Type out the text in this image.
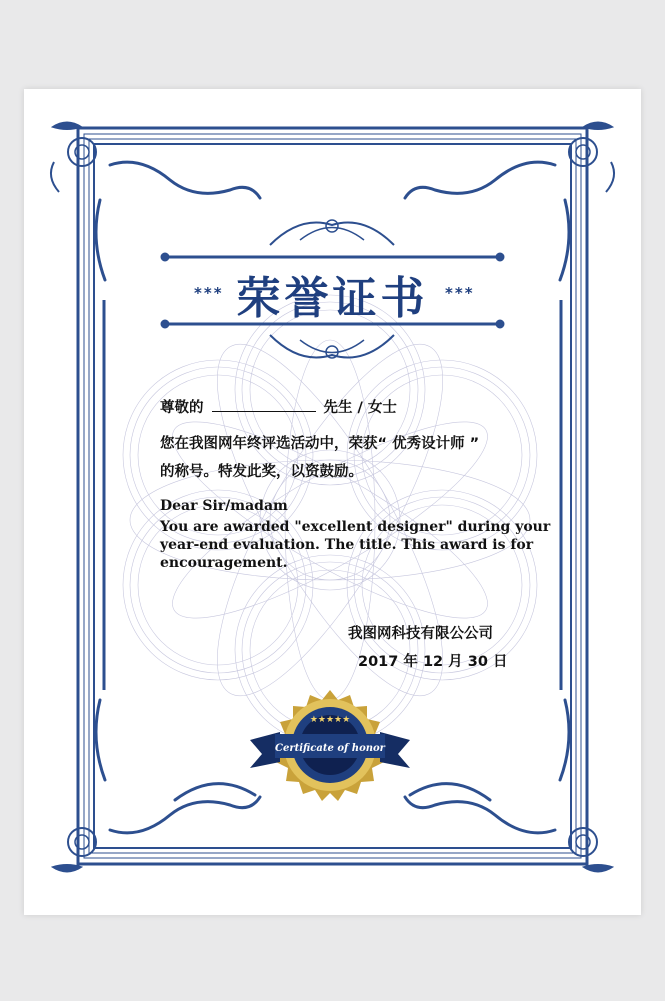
Certificate of honor
★★★★★
*** 荣誉证书	***
尊敬的	先生 / 女士
您在我图网年终评选活动中，荣获“ 优秀设计师 ”
的称号。特发此奖，以资鼓励。
Dear Sir/madam
You are awarded "excellent designer" during your
year-end evaluation. The title. This award is for
encouragement.
我图网科技有限公公司
2017 年 12 月 30 日
